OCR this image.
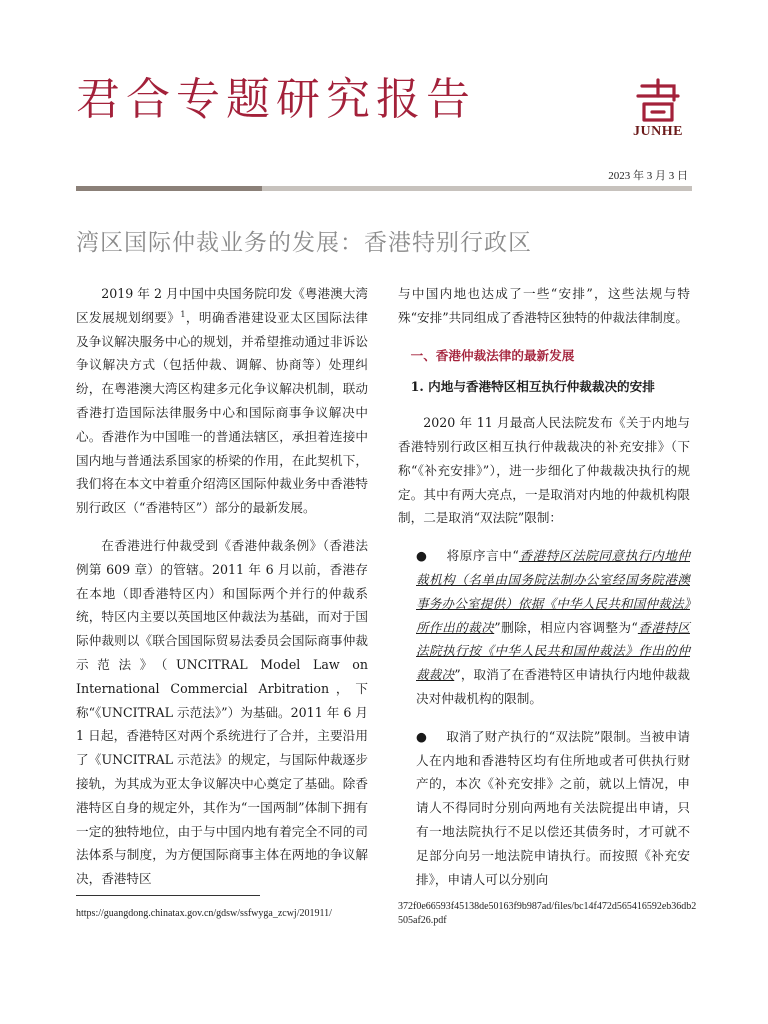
君合专题研究报告
JUNHE
2023 年 3 月 3 日
湾区国际仲裁业务的发展：香港特别行政区

2019 年 2 月中国中央国务院印发《粤港澳大湾区发展规划纲要》$^1$，明确香港建设亚太区国际法律及争议解决服务中心的规划，并希望推动通过非诉讼争议解决方式（包括仲裁、调解、协商等）处理纠纷，在粤港澳大湾区构建多元化争议解决机制，联动香港打造国际法律服务中心和国际商事争议解决中心。香港作为中国唯一的普通法辖区，承担着连接中国内地与普通法系国家的桥梁的作用，在此契机下，我们将在本文中着重介绍湾区国际仲裁业务中香港特别行政区（“香港特区”）部分的最新发展。

在香港进行仲裁受到《香港仲裁条例》（香港法例第 609 章）的管辖。2011 年 6 月以前，香港存在本地（即香港特区内）和国际两个并行的仲裁系统，特区内主要以英国地区仲裁法为基础，而对于国际仲裁则以《联合国国际贸易法委员会国际商事仲裁示范法》（UNCITRAL Model Law on International Commercial Arbitration，下称“《UNCITRAL 示范法》”）为基础。2011 年 6 月 1 日起，香港特区对两个系统进行了合并，主要沿用了《UNCITRAL 示范法》的规定，与国际仲裁逐步接轨，为其成为亚太争议解决中心奠定了基础。除香港特区自身的规定外，其作为“一国两制”体制下拥有一定的独特地位，由于与中国内地有着完全不同的司法体系与制度，为方便国际商事主体在两地的争议解决，香港特区

与中国内地也达成了一些“安排”，这些法规与特殊“安排”共同组成了香港特区独特的仲裁法律制度。

一、香港仲裁法律的最新发展
1. 内地与香港特区相互执行仲裁裁决的安排

2020 年 11 月最高人民法院发布《关于内地与香港特别行政区相互执行仲裁裁决的补充安排》（下称“《补充安排》”），进一步细化了仲裁裁决执行的规定。其中有两大亮点，一是取消对内地的仲裁机构限制，二是取消“双法院”限制：

● 将原序言中“香港特区法院同意执行内地仲裁机构（名单由国务院法制办公室经国务院港澳事务办公室提供）依据《中华人民共和国仲裁法》所作出的裁决”删除，相应内容调整为“香港特区法院执行按《中华人民共和国仲裁法》作出的仲裁裁决”，取消了在香港特区申请执行内地仲裁裁决对仲裁机构的限制。

● 取消了财产执行的“双法院”限制。当被申请人在内地和香港特区均有住所地或者可供执行财产的，本次《补充安排》之前，就以上情况，申请人不得同时分别向两地有关法院提出申请，只有一地法院执行不足以偿还其债务时，才可就不足部分向另一地法院申请执行。而按照《补充安排》，申请人可以分别向

https://guangdong.chinatax.gov.cn/gdsw/ssfwyga_zcwj/201911/
372f0e66593f45138de50163f9b987ad/files/bc14f472d565416592eb36db2505af26.pdf
